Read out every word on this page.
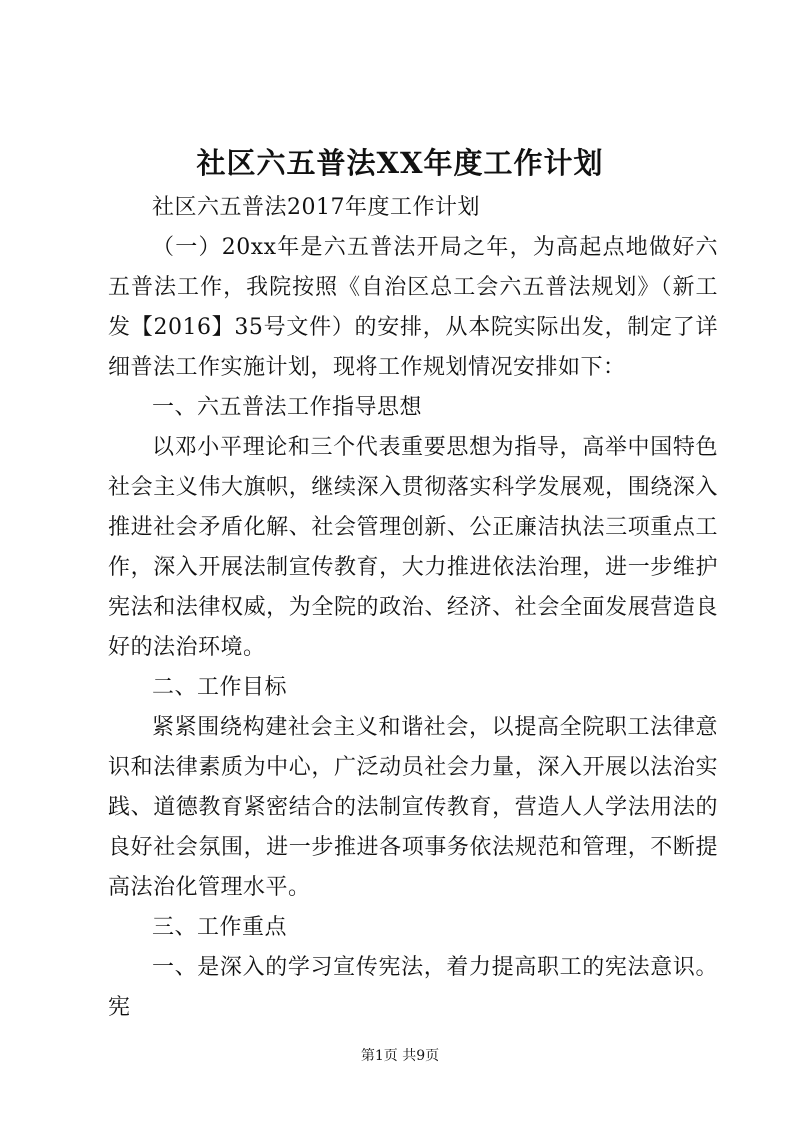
社区六五普法XX年度工作计划

社区六五普法2017年度工作计划

（一）20xx年是六五普法开局之年，为高起点地做好六五普法工作，我院按照《自治区总工会六五普法规划》（新工发【2016】35号文件）的安排，从本院实际出发，制定了详细普法工作实施计划，现将工作规划情况安排如下：

一、六五普法工作指导思想

以邓小平理论和三个代表重要思想为指导，高举中国特色社会主义伟大旗帜，继续深入贯彻落实科学发展观，围绕深入推进社会矛盾化解、社会管理创新、公正廉洁执法三项重点工作，深入开展法制宣传教育，大力推进依法治理，进一步维护宪法和法律权威，为全院的政治、经济、社会全面发展营造良好的法治环境。

二、工作目标

紧紧围绕构建社会主义和谐社会，以提高全院职工法律意识和法律素质为中心，广泛动员社会力量，深入开展以法治实践、道德教育紧密结合的法制宣传教育，营造人人学法用法的良好社会氛围，进一步推进各项事务依法规范和管理，不断提高法治化管理水平。

三、工作重点

一、是深入的学习宣传宪法，着力提高职工的宪法意识。宪

第1页 共9页
